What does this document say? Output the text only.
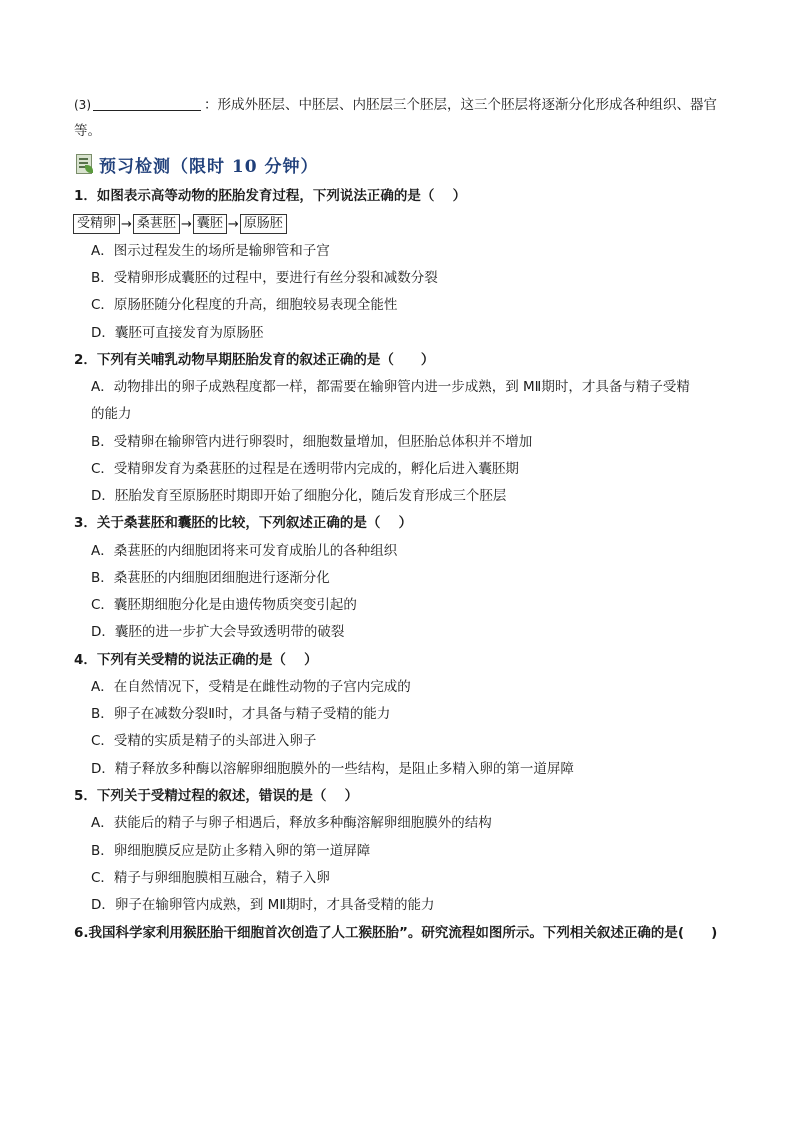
(3)	：形成外胚层、中胚层、内胚层三个胚层，这三个胚层将逐渐分化形成各种组织、器官
等。
预习检测（限时 10 分钟）
1．如图表示高等动物的胚胎发育过程，下列说法正确的是（　 ）
受精卵 → 桑葚胚 → 囊胚 → 原肠胚
A．图示过程发生的场所是输卵管和子宫
B．受精卵形成囊胚的过程中，要进行有丝分裂和减数分裂
C．原肠胚随分化程度的升高，细胞较易表现全能性
D．囊胚可直接发育为原肠胚
2．下列有关哺乳动物早期胚胎发育的叙述正确的是（　　）
A．动物排出的卵子成熟程度都一样，都需要在输卵管内进一步成熟，到 MⅡ期时，才具备与精子受精
的能力
B．受精卵在输卵管内进行卵裂时，细胞数量增加，但胚胎总体积并不增加
C．受精卵发育为桑葚胚的过程是在透明带内完成的，孵化后进入囊胚期
D．胚胎发育至原肠胚时期即开始了细胞分化，随后发育形成三个胚层
3．关于桑葚胚和囊胚的比较，下列叙述正确的是（　 ）
A．桑葚胚的内细胞团将来可发育成胎儿的各种组织
B．桑葚胚的内细胞团细胞进行逐渐分化
C．囊胚期细胞分化是由遗传物质突变引起的
D．囊胚的进一步扩大会导致透明带的破裂
4．下列有关受精的说法正确的是（　 ）
A．在自然情况下，受精是在雌性动物的子宫内完成的
B．卵子在减数分裂Ⅱ时，才具备与精子受精的能力
C．受精的实质是精子的头部进入卵子
D．精子释放多种酶以溶解卵细胞膜外的一些结构，是阻止多精入卵的第一道屏障
5．下列关于受精过程的叙述，错误的是（　 ）
A．获能后的精子与卵子相遇后，释放多种酶溶解卵细胞膜外的结构
B．卵细胞膜反应是防止多精入卵的第一道屏障
C．精子与卵细胞膜相互融合，精子入卵
D．卵子在输卵管内成熟，到 MⅡ期时，才具备受精的能力
6.我国科学家利用猴胚胎干细胞首次创造了人工猴胚胎”。研究流程如图所示。下列相关叙述正确的是(　　)
